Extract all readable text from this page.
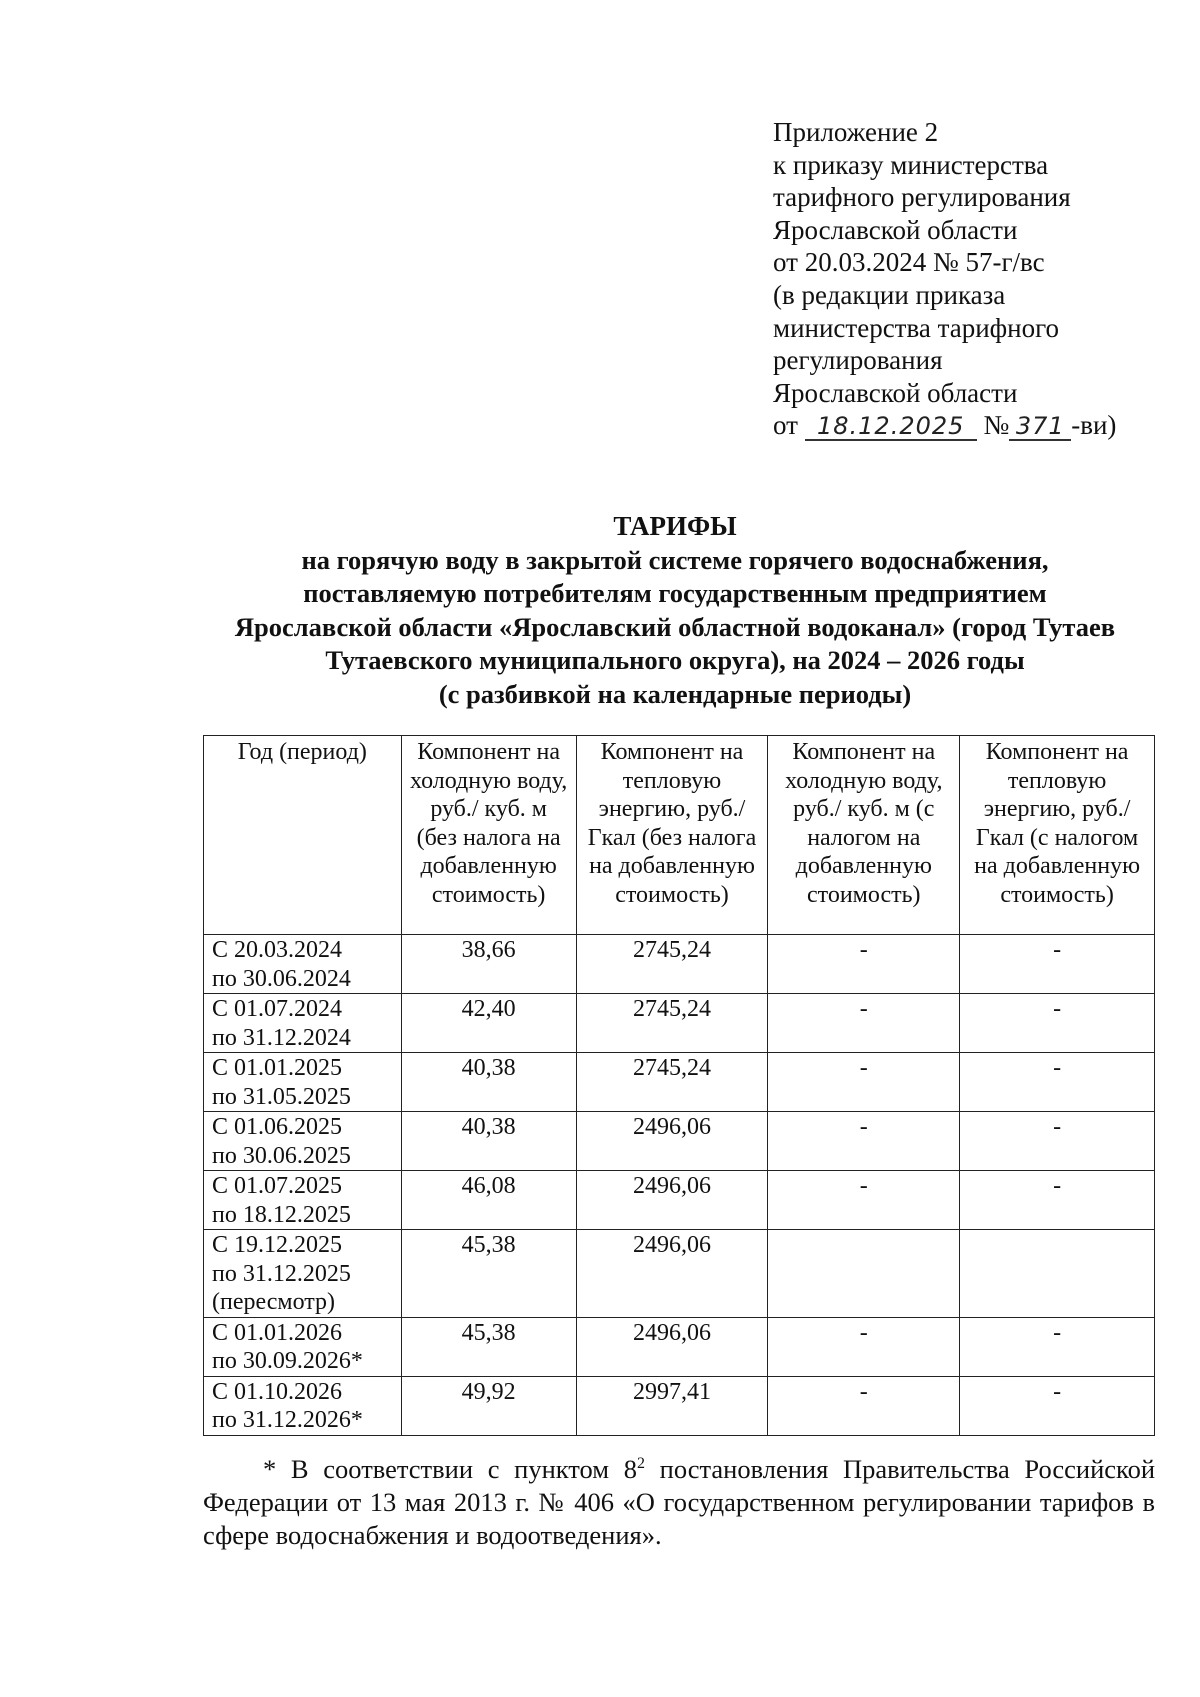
Приложение 2
к приказу министерства
тарифного регулирования
Ярославской области
от 20.03.2024 № 57-г/вс
(в редакции приказа
министерства тарифного
регулирования
Ярославской области
от 18.12.2025 № 371 -ви)
ТАРИФЫ
на горячую воду в закрытой системе горячего водоснабжения,
поставляемую потребителям государственным предприятием
Ярославской области «Ярославский областной водоканал» (город Тутаев
Тутаевского муниципального округа), на 2024 – 2026 годы
(с разбивкой на календарные периоды)
Год (период)	Компонент на холодную воду, руб./ куб. м (без налога на добавленную стоимость)	Компонент на тепловую энергию, руб./Гкал (без налога на добавленную стоимость)	Компонент на холодную воду, руб./ куб. м (с налогом на добавленную стоимость)	Компонент на тепловую энергию, руб./Гкал (с налогом на добавленную стоимость)

С 20.03.2024
по 30.06.2024	38,66	2745,24	-	-

С 01.07.2024
по 31.12.2024	42,40	2745,24	-	-

С 01.01.2025
по 31.05.2025	40,38	2745,24	-	-

С 01.06.2025
по 30.06.2025	40,38	2496,06	-	-

С 01.07.2025
по 18.12.2025	46,08	2496,06	-	-

С 19.12.2025
по 31.12.2025
(пересмотр)	45,38	2496,06		

С 01.01.2026
по 30.09.2026*	45,38	2496,06	-	-

С 01.10.2026
по 31.12.2026*	49,92	2997,41	-	-
* В соответствии с пунктом $8^2$ постановления Правительства Российской Федерации от 13 мая 2013 г. № 406 «О государственном регулировании тарифов в сфере водоснабжения и водоотведения».
